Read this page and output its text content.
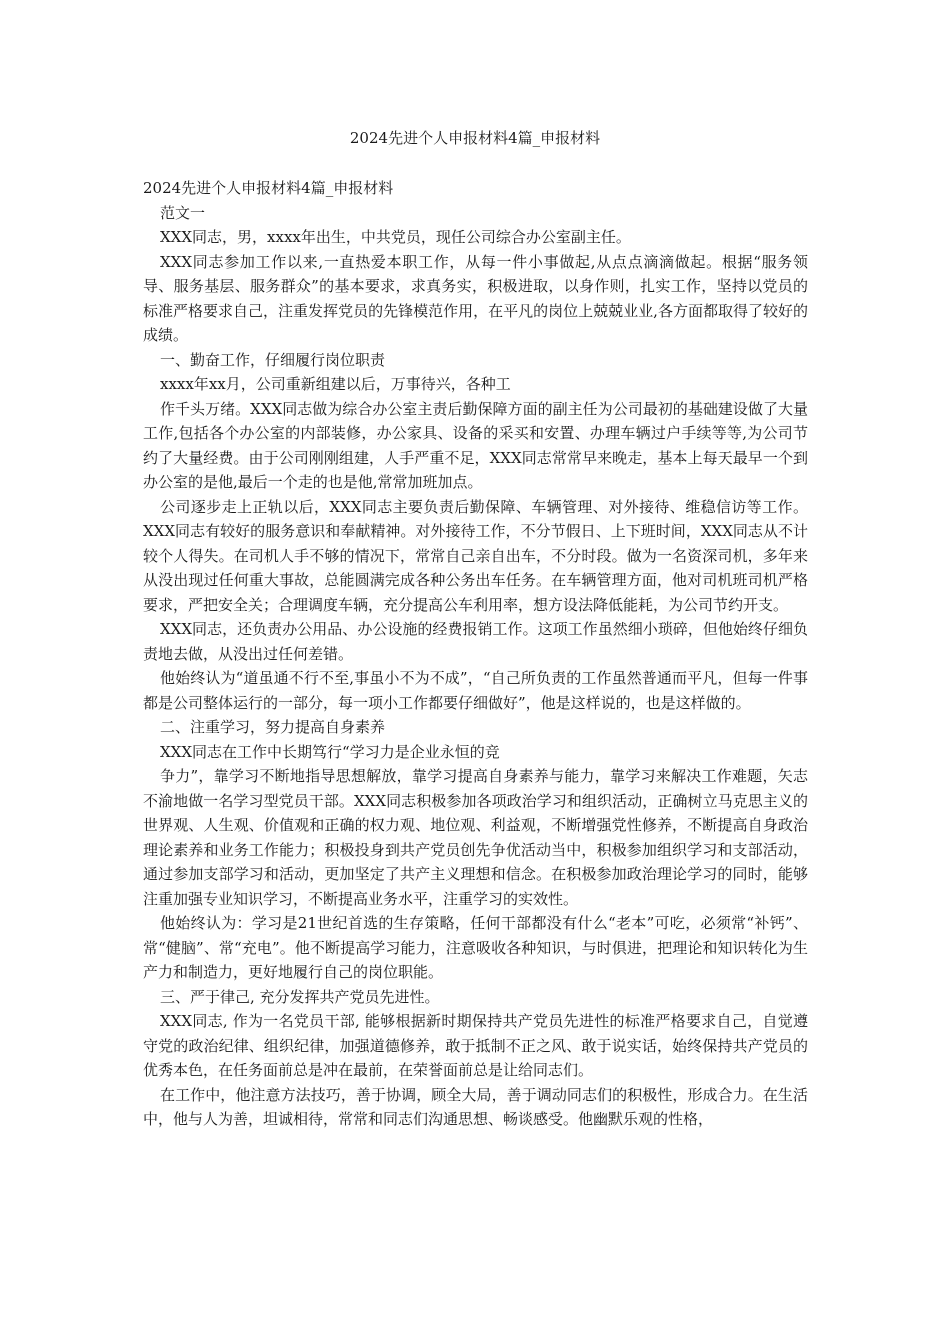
2024先进个人申报材料4篇_申报材料

2024先进个人申报材料4篇_申报材料

范文一

XXX同志，男，xxxx年出生，中共党员，现任公司综合办公室副主任。

XXX同志参加工作以来,一直热爱本职工作，从每一件小事做起,从点点滴滴做起。根据“服务领导、服务基层、服务群众”的基本要求，求真务实，积极进取，以身作则，扎实工作，坚持以党员的标准严格要求自己，注重发挥党员的先锋模范作用，在平凡的岗位上兢兢业业,各方面都取得了较好的成绩。

一、勤奋工作，仔细履行岗位职责

xxxx年xx月，公司重新组建以后，万事待兴，各种工

作千头万绪。XXX同志做为综合办公室主责后勤保障方面的副主任为公司最初的基础建设做了大量工作,包括各个办公室的内部装修，办公家具、设备的采买和安置、办理车辆过户手续等等,为公司节约了大量经费。由于公司刚刚组建，人手严重不足，XXX同志常常早来晚走，基本上每天最早一个到办公室的是他,最后一个走的也是他,常常加班加点。

公司逐步走上正轨以后，XXX同志主要负责后勤保障、车辆管理、对外接待、维稳信访等工作。XXX同志有较好的服务意识和奉献精神。对外接待工作，不分节假日、上下班时间，XXX同志从不计较个人得失。在司机人手不够的情况下，常常自己亲自出车，不分时段。做为一名资深司机，多年来从没出现过任何重大事故，总能圆满完成各种公务出车任务。在车辆管理方面，他对司机班司机严格要求，严把安全关；合理调度车辆，充分提高公车利用率，想方设法降低能耗，为公司节约开支。

XXX同志，还负责办公用品、办公设施的经费报销工作。这项工作虽然细小琐碎，但他始终仔细负责地去做，从没出过任何差错。

他始终认为“道虽通不行不至,事虽小不为不成”，“自己所负责的工作虽然普通而平凡，但每一件事都是公司整体运行的一部分，每一项小工作都要仔细做好”，他是这样说的，也是这样做的。

二、注重学习，努力提高自身素养

XXX同志在工作中长期笃行“学习力是企业永恒的竞

争力”，靠学习不断地指导思想解放，靠学习提高自身素养与能力，靠学习来解决工作难题，矢志不渝地做一名学习型党员干部。XXX同志积极参加各项政治学习和组织活动，正确树立马克思主义的世界观、人生观、价值观和正确的权力观、地位观、利益观，不断增强党性修养，不断提高自身政治理论素养和业务工作能力；积极投身到共产党员创先争优活动当中，积极参加组织学习和支部活动，通过参加支部学习和活动，更加坚定了共产主义理想和信念。在积极参加政治理论学习的同时，能够注重加强专业知识学习，不断提高业务水平，注重学习的实效性。

他始终认为：学习是21世纪首选的生存策略，任何干部都没有什么“老本”可吃，必须常“补钙”、常“健脑”、常“充电”。他不断提高学习能力，注意吸收各种知识，与时俱进，把理论和知识转化为生产力和制造力，更好地履行自己的岗位职能。

三、严于律己, 充分发挥共产党员先进性。

XXX同志, 作为一名党员干部, 能够根据新时期保持共产党员先进性的标准严格要求自己，自觉遵守党的政治纪律、组织纪律，加强道德修养，敢于抵制不正之风、敢于说实话，始终保持共产党员的优秀本色，在任务面前总是冲在最前，在荣誉面前总是让给同志们。

在工作中，他注意方法技巧，善于协调，顾全大局，善于调动同志们的积极性，形成合力。在生活中，他与人为善，坦诚相待，常常和同志们沟通思想、畅谈感受。他幽默乐观的性格，
